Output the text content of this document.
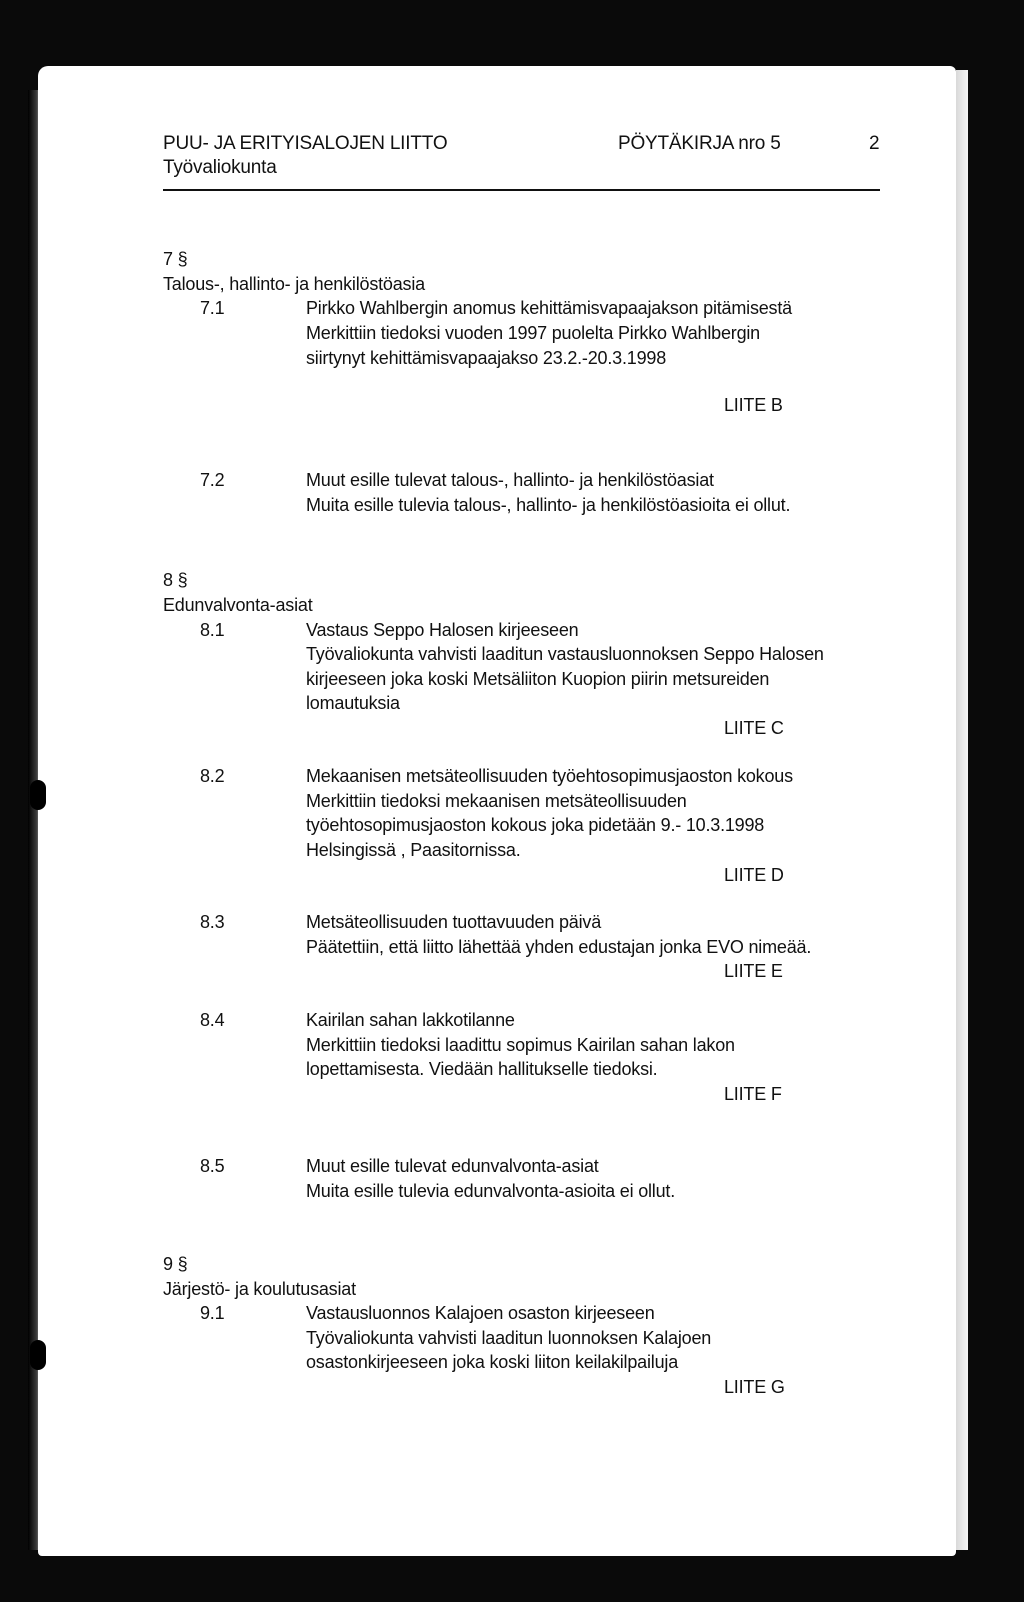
PUU- JA ERITYISALOJEN LIITTO
Työvaliokunta
PÖYTÄKIRJA nro 5	2
7 §
Talous-, hallinto- ja henkilöstöasia
7.1	Pirkko Wahlbergin anomus kehittämisvapaajakson pitämisestä
Merkittiin tiedoksi vuoden 1997 puolelta Pirkko Wahlbergin
siirtynyt kehittämisvapaajakso 23.2.-20.3.1998
LIITE B
7.2	Muut esille tulevat talous-, hallinto- ja henkilöstöasiat
Muita esille tulevia talous-, hallinto- ja henkilöstöasioita ei ollut.
8 §
Edunvalvonta-asiat
8.1	Vastaus Seppo Halosen kirjeeseen
Työvaliokunta vahvisti laaditun vastausluonnoksen Seppo Halosen
kirjeeseen joka koski Metsäliiton Kuopion piirin metsureiden
lomautuksia
LIITE C
8.2	Mekaanisen metsäteollisuuden työehtosopimusjaoston kokous
Merkittiin tiedoksi mekaanisen metsäteollisuuden
työehtosopimusjaoston kokous joka pidetään 9.- 10.3.1998
Helsingissä , Paasitornissa.
LIITE D
8.3	Metsäteollisuuden tuottavuuden päivä
Päätettiin, että liitto lähettää yhden edustajan jonka EVO nimeää.
LIITE E
8.4	Kairilan sahan lakkotilanne
Merkittiin tiedoksi laadittu sopimus Kairilan sahan lakon
lopettamisesta. Viedään hallitukselle tiedoksi.
LIITE F
8.5	Muut esille tulevat edunvalvonta-asiat
Muita esille tulevia edunvalvonta-asioita ei ollut.
9 §
Järjestö- ja koulutusasiat
9.1	Vastausluonnos Kalajoen osaston kirjeeseen
Työvaliokunta vahvisti laaditun luonnoksen Kalajoen
osastonkirjeeseen joka koski liiton keilakilpailuja
LIITE G
